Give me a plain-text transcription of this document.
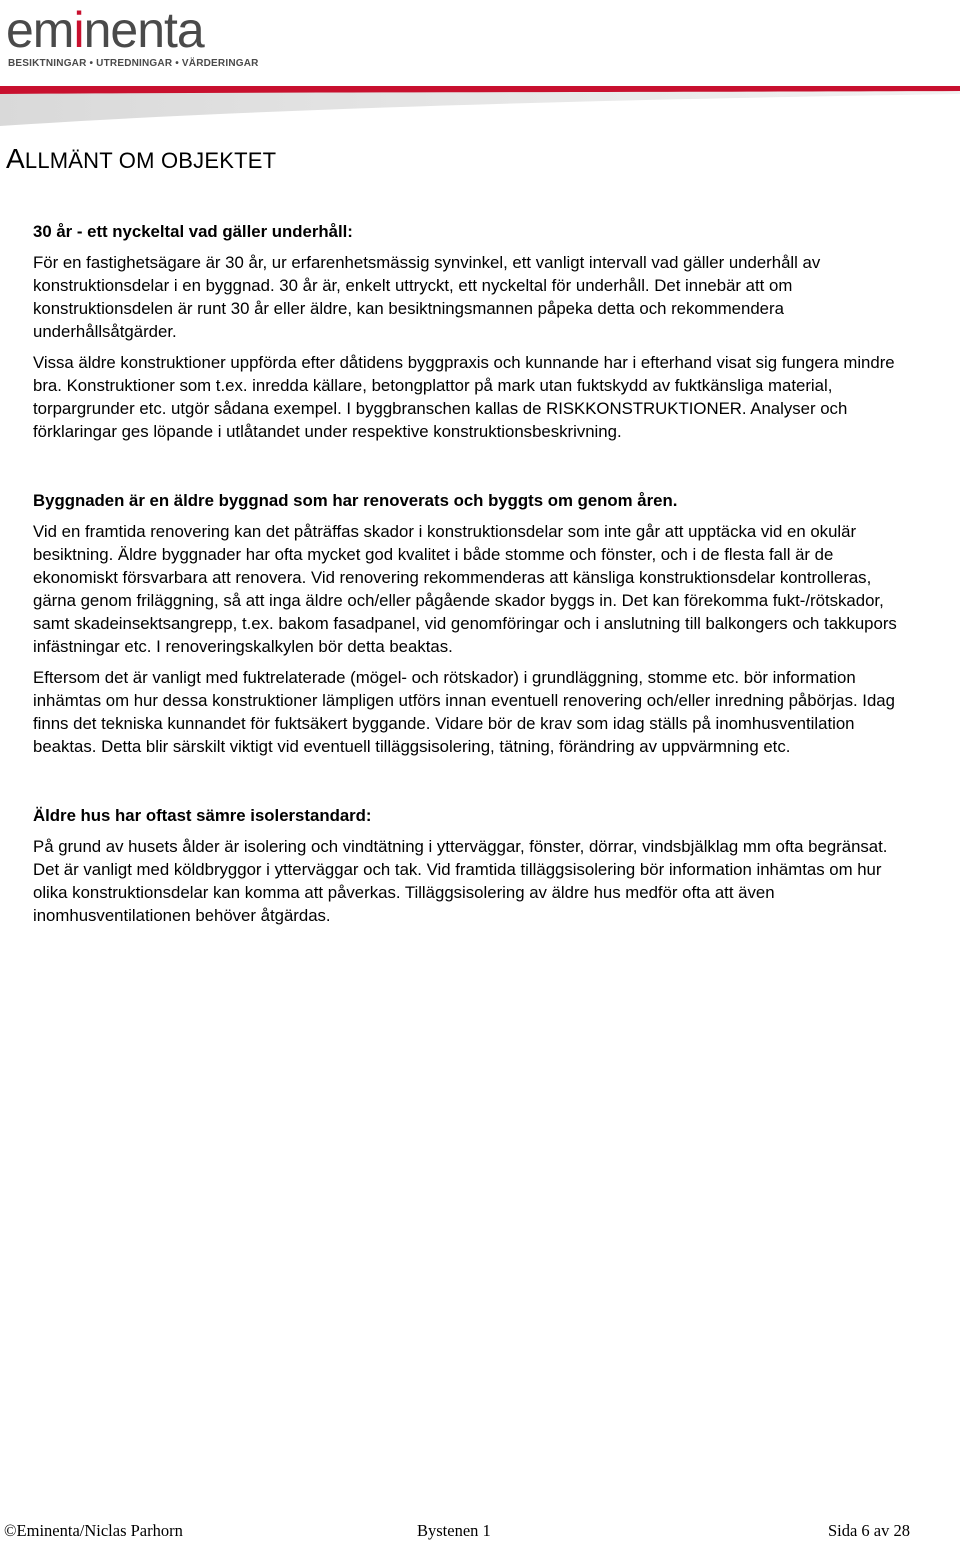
eminenta
BESIKTNINGAR • UTREDNINGAR • VÄRDERINGAR
ALLMÄNT OM OBJEKTET
30 år - ett nyckeltal vad gäller underhåll:

För en fastighetsägare är 30 år, ur erfarenhetsmässig synvinkel, ett vanligt intervall vad gäller underhåll av konstruktionsdelar i en byggnad. 30 år är, enkelt uttryckt, ett nyckeltal för underhåll. Det innebär att om konstruktionsdelen är runt 30 år eller äldre, kan besiktningsmannen påpeka detta och rekommendera underhållsåtgärder.

Vissa äldre konstruktioner uppförda efter dåtidens byggpraxis och kunnande har i efterhand visat sig fungera mindre bra. Konstruktioner som t.ex. inredda källare, betongplattor på mark utan fuktskydd av fuktkänsliga material, torpargrunder etc. utgör sådana exempel. I byggbranschen kallas de RISKKONSTRUKTIONER. Analyser och förklaringar ges löpande i utlåtandet under respektive konstruktionsbeskrivning.

Byggnaden är en äldre byggnad som har renoverats och byggts om genom åren.

Vid en framtida renovering kan det påträffas skador i konstruktionsdelar som inte går att upptäcka vid en okulär besiktning. Äldre byggnader har ofta mycket god kvalitet i både stomme och fönster, och i de flesta fall är de ekonomiskt försvarbara att renovera. Vid renovering rekommenderas att känsliga konstruktionsdelar kontrolleras, gärna genom friläggning, så att inga äldre och/eller pågående skador byggs in. Det kan förekomma fukt-/rötskador, samt skadeinsektsangrepp, t.ex. bakom fasadpanel, vid genomföringar och i anslutning till balkongers och takkupors infästningar etc. I renoveringskalkylen bör detta beaktas.

Eftersom det är vanligt med fuktrelaterade (mögel- och rötskador) i grundläggning, stomme etc. bör information inhämtas om hur dessa konstruktioner lämpligen utförs innan eventuell renovering och/eller inredning påbörjas. Idag finns det tekniska kunnandet för fuktsäkert byggande. Vidare bör de krav som idag ställs på inomhusventilation beaktas. Detta blir särskilt viktigt vid eventuell tilläggsisolering, tätning, förändring av uppvärmning etc.

Äldre hus har oftast sämre isolerstandard:

På grund av husets ålder är isolering och vindtätning i ytterväggar, fönster, dörrar, vindsbjälklag mm ofta begränsat. Det är vanligt med köldbryggor i ytterväggar och tak. Vid framtida tilläggsisolering bör information inhämtas om hur olika konstruktionsdelar kan komma att påverkas. Tilläggsisolering av äldre hus medför ofta att även inomhusventilationen behöver åtgärdas.

©Eminenta/Niclas Parhorn	Bystenen 1	Sida 6 av 28
